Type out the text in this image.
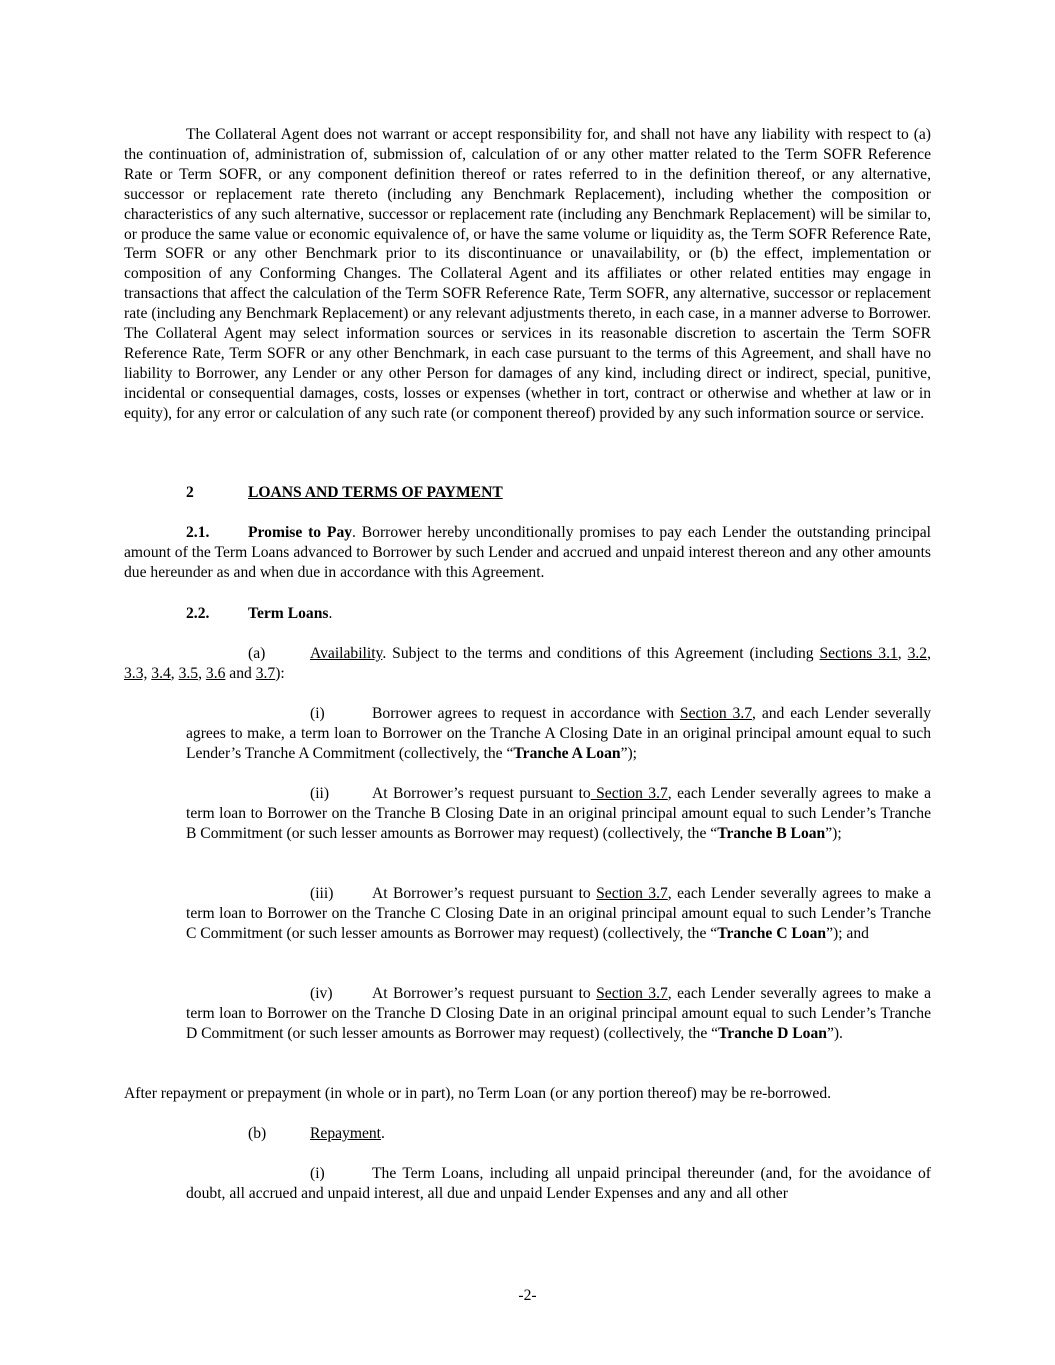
The Collateral Agent does not warrant or accept responsibility for, and shall not have any liability with respect to (a) the continuation of, administration of, submission of, calculation of or any other matter related to the Term SOFR Reference Rate or Term SOFR, or any component definition thereof or rates referred to in the definition thereof, or any alternative, successor or replacement rate thereto (including any Benchmark Replacement), including whether the composition or characteristics of any such alternative, successor or replacement rate (including any Benchmark Replacement) will be similar to, or produce the same value or economic equivalence of, or have the same volume or liquidity as, the Term SOFR Reference Rate, Term SOFR or any other Benchmark prior to its discontinuance or unavailability, or (b) the effect, implementation or composition of any Conforming Changes. The Collateral Agent and its affiliates or other related entities may engage in transactions that affect the calculation of the Term SOFR Reference Rate, Term SOFR, any alternative, successor or replacement rate (including any Benchmark Replacement) or any relevant adjustments thereto, in each case, in a manner adverse to Borrower. The Collateral Agent may select information sources or services in its reasonable discretion to ascertain the Term SOFR Reference Rate, Term SOFR or any other Benchmark, in each case pursuant to the terms of this Agreement, and shall have no liability to Borrower, any Lender or any other Person for damages of any kind, including direct or indirect, special, punitive, incidental or consequential damages, costs, losses or expenses (whether in tort, contract or otherwise and whether at law or in equity), for any error or calculation of any such rate (or component thereof) provided by any such information source or service.

2	LOANS AND TERMS OF PAYMENT

2.1. Promise to Pay. Borrower hereby unconditionally promises to pay each Lender the outstanding principal amount of the Term Loans advanced to Borrower by such Lender and accrued and unpaid interest thereon and any other amounts due hereunder as and when due in accordance with this Agreement.

2.2. Term Loans.

(a)	Availability. Subject to the terms and conditions of this Agreement (including Sections 3.1, 3.2, 3.3, 3.4, 3.5, 3.6 and 3.7):

(i)	Borrower agrees to request in accordance with Section 3.7, and each Lender severally agrees to make, a term loan to Borrower on the Tranche A Closing Date in an original principal amount equal to such Lender’s Tranche A Commitment (collectively, the “Tranche A Loan”);

(ii)	At Borrower’s request pursuant to Section 3.7, each Lender severally agrees to make a term loan to Borrower on the Tranche B Closing Date in an original principal amount equal to such Lender’s Tranche B Commitment (or such lesser amounts as Borrower may request) (collectively, the “Tranche B Loan”);

(iii) At Borrower’s request pursuant to Section 3.7, each Lender severally agrees to make a term loan to Borrower on the Tranche C Closing Date in an original principal amount equal to such Lender’s Tranche C Commitment (or such lesser amounts as Borrower may request) (collectively, the “Tranche C Loan”); and

(iv)	At Borrower’s request pursuant to Section 3.7, each Lender severally agrees to make a term loan to Borrower on the Tranche D Closing Date in an original principal amount equal to such Lender’s Tranche D Commitment (or such lesser amounts as Borrower may request) (collectively, the “Tranche D Loan”).

After repayment or prepayment (in whole or in part), no Term Loan (or any portion thereof) may be re-borrowed.

(b)	Repayment.

(i)	The Term Loans, including all unpaid principal thereunder (and, for the avoidance of doubt, all accrued and unpaid interest, all due and unpaid Lender Expenses and any and all other

-2-
